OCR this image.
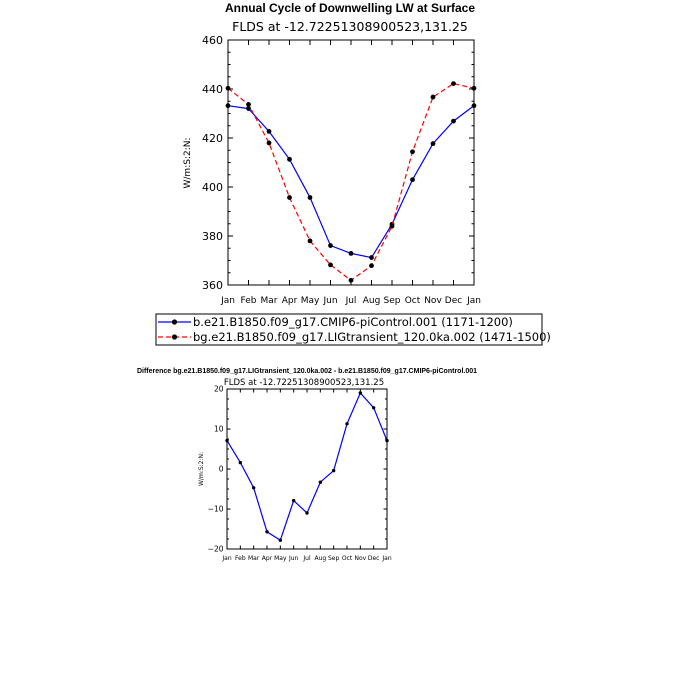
Annual Cycle of Downwelling LW at Surface
FLDS at -12.72251308900523,131.25
W/m:S:2:N:
Jan Feb Mar Apr May Jun Jul Aug Sep Oct Nov Dec Jan
360
380
400
420
440
460
b.e21.B1850.f09_g17.CMIP6-piControl.001 (1171-1200)
bg.e21.B1850.f09_g17.LIGtransient_120.0ka.002 (1471-1500)
Difference bg.e21.B1850.f09_g17.LIGtransient_120.0ka.002 - b.e21.B1850.f09_g17.CMIP6-piControl.001
FLDS at -12.72251308900523,131.25
W/m:S:2:N:
Jan Feb Mar Apr May Jun Jul Aug Sep Oct Nov Dec Jan
−20
−10
0
10
20
